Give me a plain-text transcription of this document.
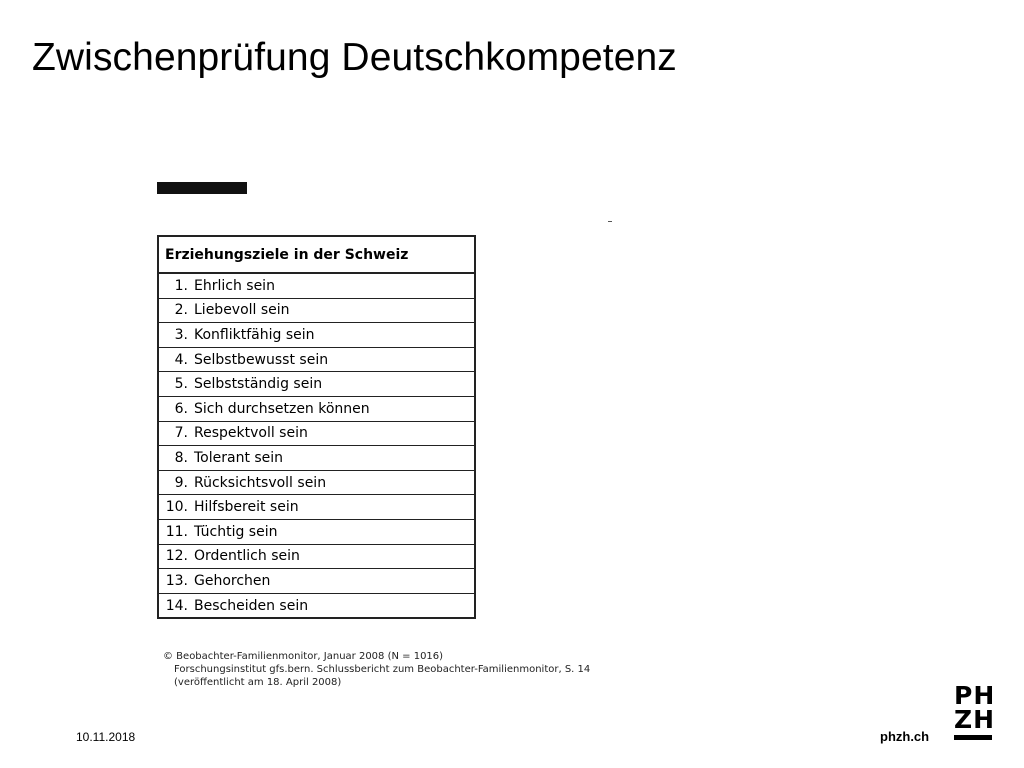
Zwischenprüfung Deutschkompetenz
Erziehungsziele in der Schweiz
1. Ehrlich sein
2. Liebevoll sein
3. Konfliktfähig sein
4. Selbstbewusst sein
5. Selbstständig sein
6. Sich durchsetzen können
7. Respektvoll sein
8. Tolerant sein
9. Rücksichtsvoll sein
10. Hilfsbereit sein
11. Tüchtig sein
12. Ordentlich sein
13. Gehorchen
14. Bescheiden sein
© Beobachter-Familienmonitor, Januar 2008 (N = 1016)
Forschungsinstitut gfs.bern. Schlussbericht zum Beobachter-Familienmonitor, S. 14
(veröffentlicht am 18. April 2008)
10.11.2018	phzh.ch
PH
ZH
